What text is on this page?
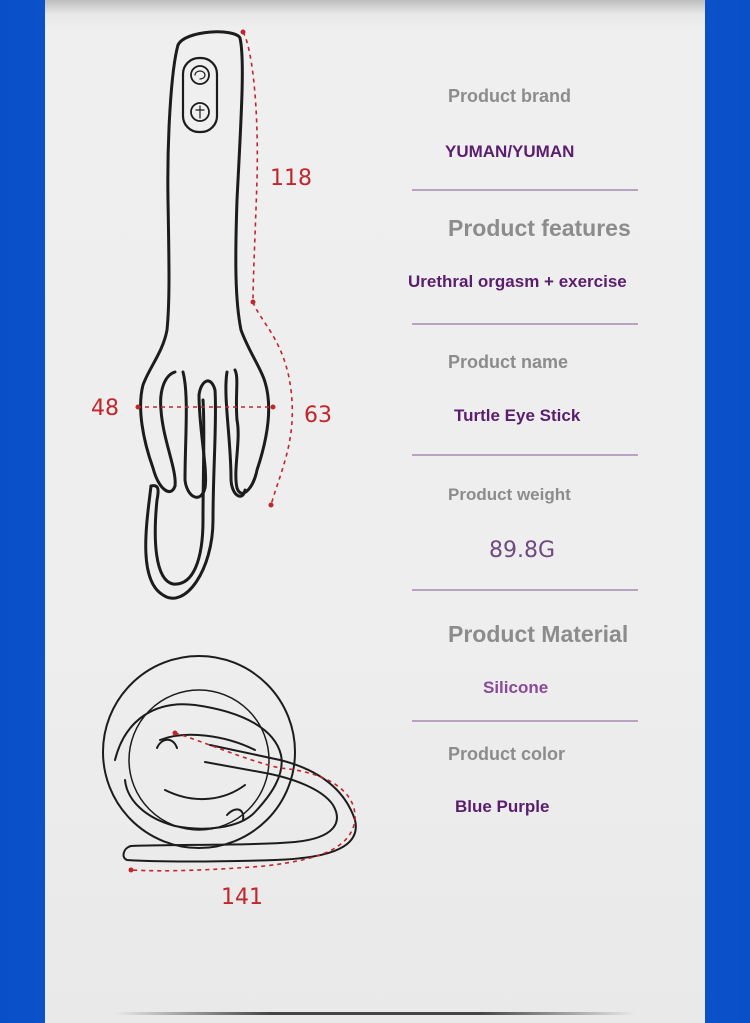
118
48	63
141
Product brand
YUMAN/YUMAN
Product features
Urethral orgasm + exercise
Product name
Turtle Eye Stick
Product weight
89.8G
Product Material
Silicone
Product color
Blue Purple
